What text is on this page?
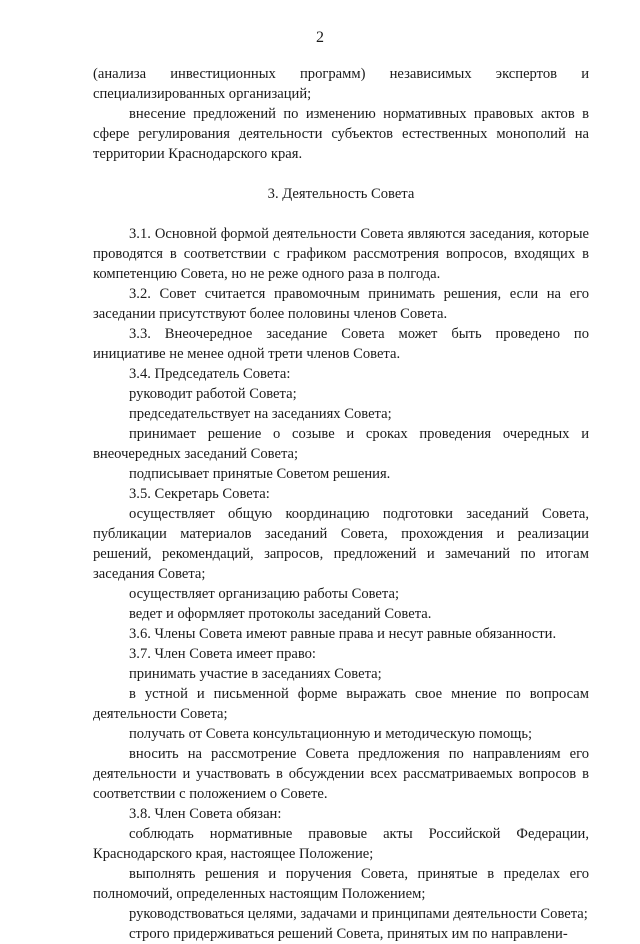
2

(анализа инвестиционных программ) независимых экспертов и специализированных организаций;

внесение предложений по изменению нормативных правовых актов в сфере регулирования деятельности субъектов естественных монополий на территории Краснодарского края.

3. Деятельность Совета

3.1. Основной формой деятельности Совета являются заседания, которые проводятся в соответствии с графиком рассмотрения вопросов, входящих в компетенцию Совета, но не реже одного раза в полгода.

3.2. Совет считается правомочным принимать решения, если на его заседании присутствуют более половины членов Совета.

3.3. Внеочередное заседание Совета может быть проведено по инициативе не менее одной трети членов Совета.

3.4. Председатель Совета:

руководит работой Совета;

председательствует на заседаниях Совета;

принимает решение о созыве и сроках проведения очередных и внеочередных заседаний Совета;

подписывает принятые Советом решения.

3.5. Секретарь Совета:

осуществляет общую координацию подготовки заседаний Совета, публикации материалов заседаний Совета, прохождения и реализации решений, рекомендаций, запросов, предложений и замечаний по итогам заседания Совета;

осуществляет организацию работы Совета;

ведет и оформляет протоколы заседаний Совета.

3.6. Члены Совета имеют равные права и несут равные обязанности.

3.7. Член Совета имеет право:

принимать участие в заседаниях Совета;

в устной и письменной форме выражать свое мнение по вопросам деятельности Совета;

получать от Совета консультационную и методическую помощь;

вносить на рассмотрение Совета предложения по направлениям его деятельности и участвовать в обсуждении всех рассматриваемых вопросов в соответствии с положением о Совете.

3.8. Член Совета обязан:

соблюдать нормативные правовые акты Российской Федерации, Краснодарского края, настоящее Положение;

выполнять решения и поручения Совета, принятые в пределах его полномочий, определенных настоящим Положением;

руководствоваться целями, задачами и принципами деятельности Совета;

строго придерживаться решений Совета, принятых им по направлени-
